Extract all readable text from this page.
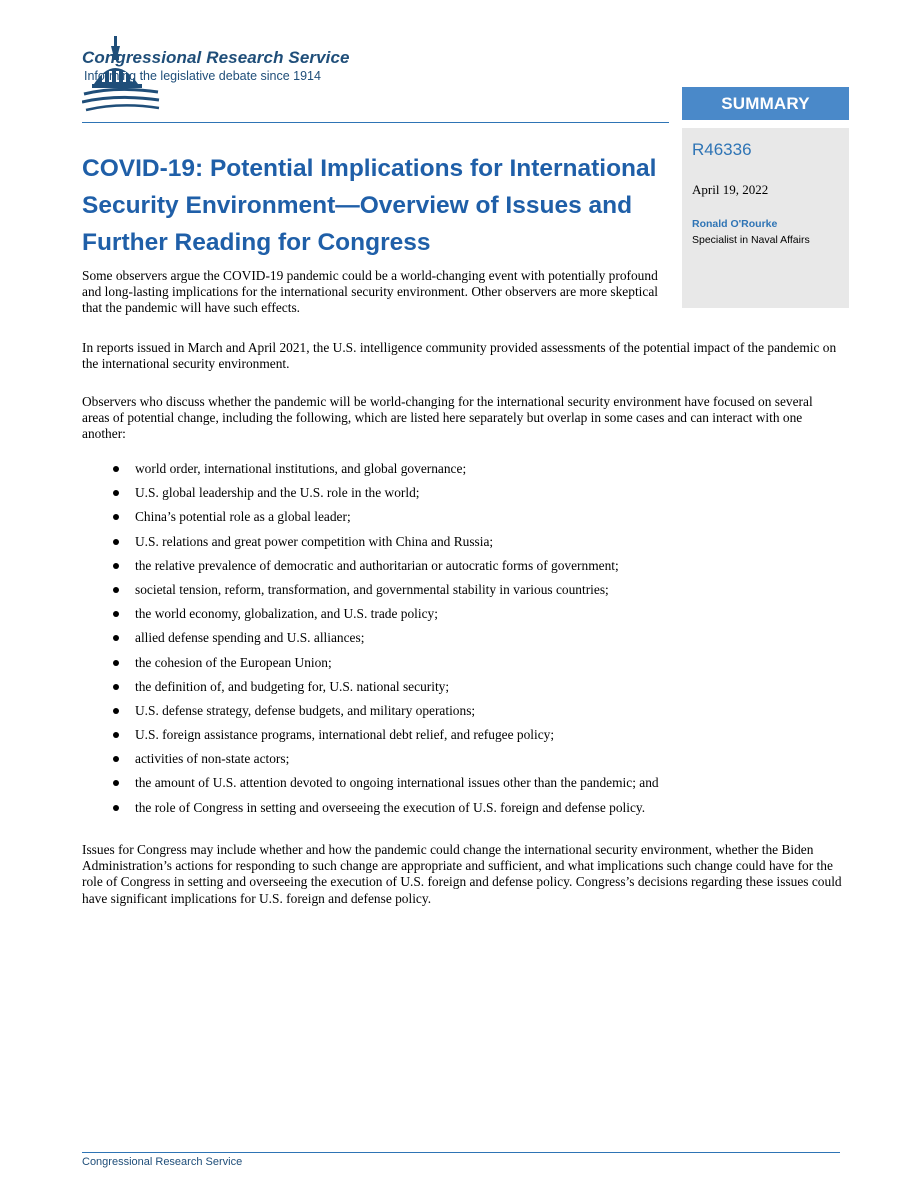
Congressional Research Service
Informing the legislative debate since 1914
SUMMARY
R46336
April 19, 2022
Ronald O'Rourke
Specialist in Naval Affairs
COVID-19: Potential Implications for International Security Environment—Overview of Issues and Further Reading for Congress

Some observers argue the COVID-19 pandemic could be a world-changing event with potentially profound and long-lasting implications for the international security environment. Other observers are more skeptical that the pandemic will have such effects.

In reports issued in March and April 2021, the U.S. intelligence community provided assessments of the potential impact of the pandemic on the international security environment.

Observers who discuss whether the pandemic will be world-changing for the international security environment have focused on several areas of potential change, including the following, which are listed here separately but overlap in some cases and can interact with one another:

world order, international institutions, and global governance;
U.S. global leadership and the U.S. role in the world;
China’s potential role as a global leader;
U.S. relations and great power competition with China and Russia;
the relative prevalence of democratic and authoritarian or autocratic forms of government;
societal tension, reform, transformation, and governmental stability in various countries;
the world economy, globalization, and U.S. trade policy;
allied defense spending and U.S. alliances;
the cohesion of the European Union;
the definition of, and budgeting for, U.S. national security;
U.S. defense strategy, defense budgets, and military operations;
U.S. foreign assistance programs, international debt relief, and refugee policy;
activities of non-state actors;
the amount of U.S. attention devoted to ongoing international issues other than the pandemic; and
the role of Congress in setting and overseeing the execution of U.S. foreign and defense policy.

Issues for Congress may include whether and how the pandemic could change the international security environment, whether the Biden Administration’s actions for responding to such change are appropriate and sufficient, and what implications such change could have for the role of Congress in setting and overseeing the execution of U.S. foreign and defense policy. Congress’s decisions regarding these issues could have significant implications for U.S. foreign and defense policy.

Congressional Research Service
